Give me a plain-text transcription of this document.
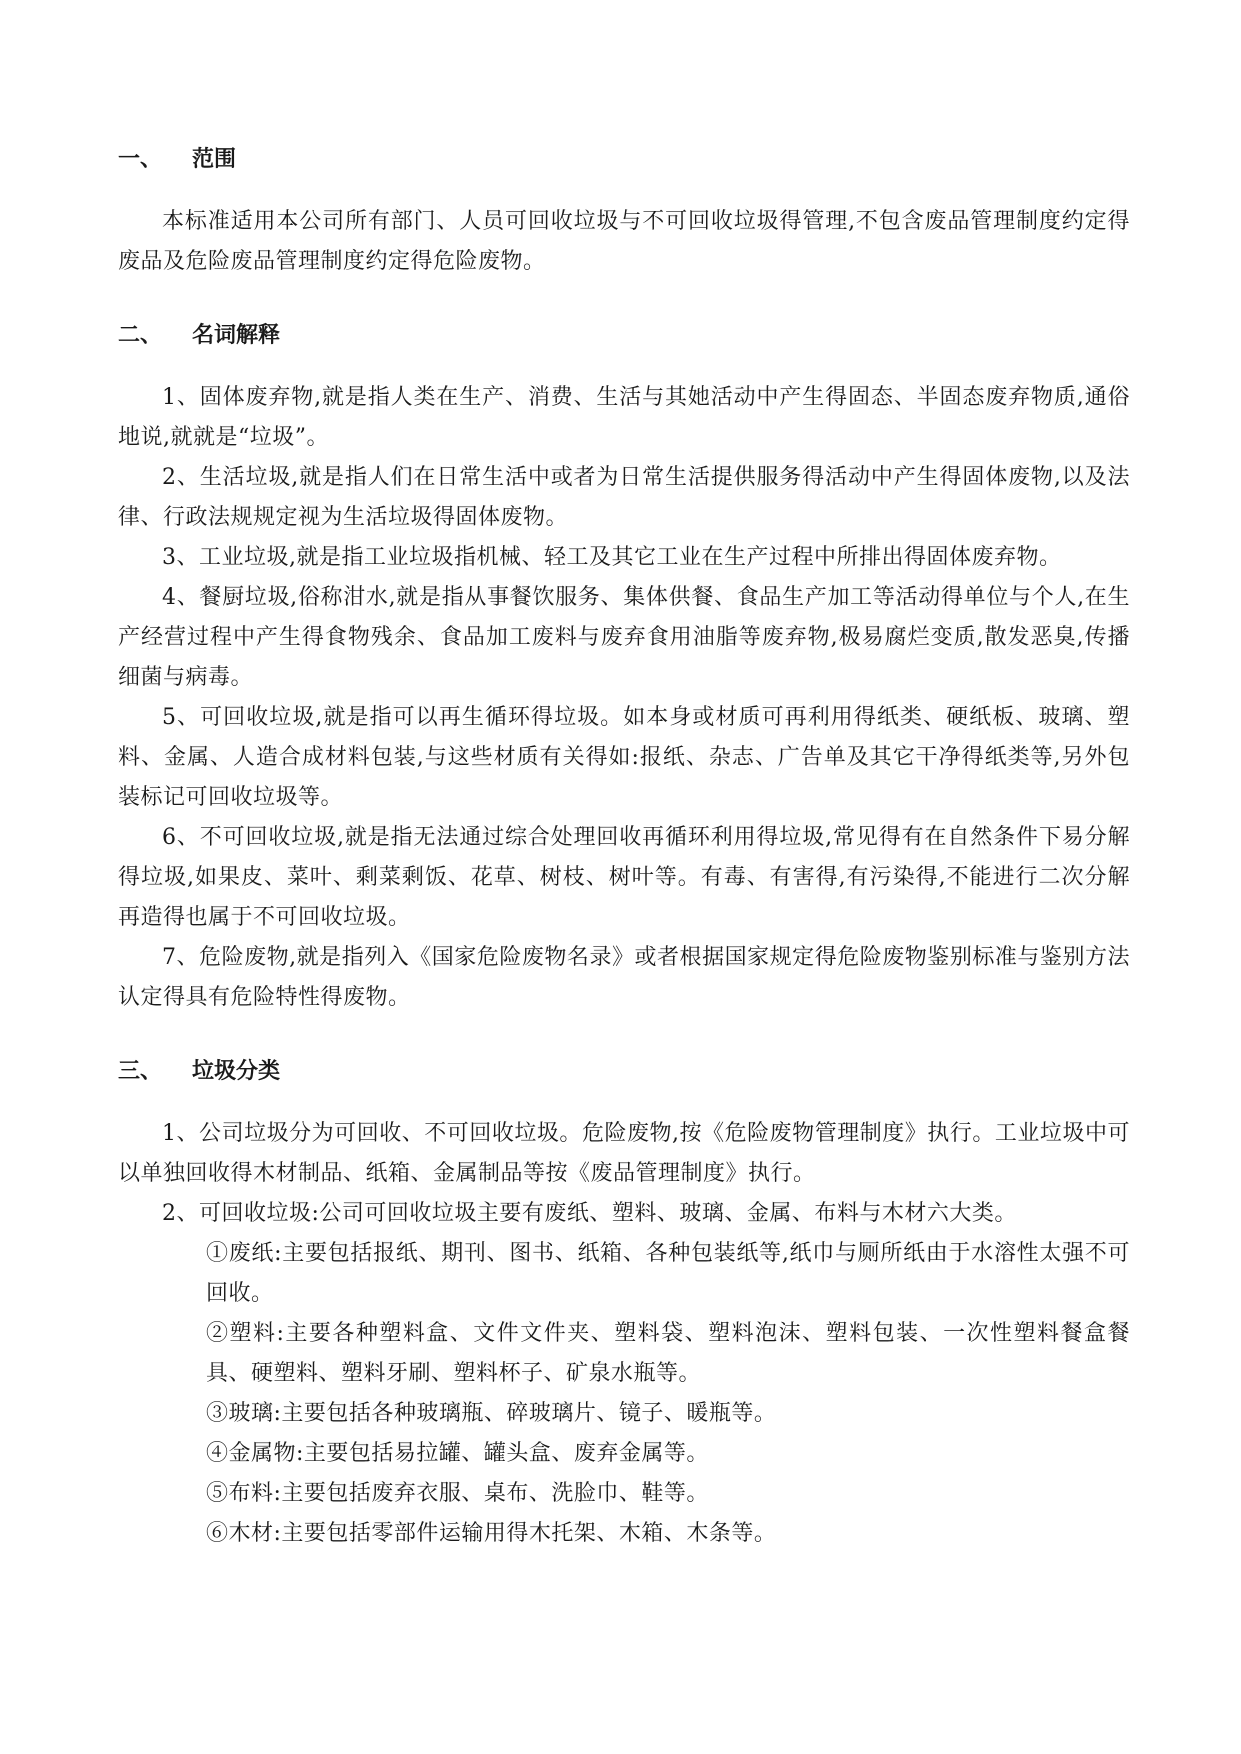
一、	范围

本标准适用本公司所有部门、人员可回收垃圾与不可回收垃圾得管理,不包含废品管理制度约定得废品及危险废品管理制度约定得危险废物。

二、	名词解释

1、固体废弃物,就是指人类在生产、消费、生活与其她活动中产生得固态、半固态废弃物质,通俗地说,就就是“垃圾”。

2、生活垃圾,就是指人们在日常生活中或者为日常生活提供服务得活动中产生得固体废物,以及法律、行政法规规定视为生活垃圾得固体废物。

3、工业垃圾,就是指工业垃圾指机械、轻工及其它工业在生产过程中所排出得固体废弃物。

4、餐厨垃圾,俗称泔水,就是指从事餐饮服务、集体供餐、食品生产加工等活动得单位与个人,在生产经营过程中产生得食物残余、食品加工废料与废弃食用油脂等废弃物,极易腐烂变质,散发恶臭,传播细菌与病毒。

5、可回收垃圾,就是指可以再生循环得垃圾。如本身或材质可再利用得纸类、硬纸板、玻璃、塑料、金属、人造合成材料包装,与这些材质有关得如:报纸、杂志、广告单及其它干净得纸类等,另外包装标记可回收垃圾等。

6、不可回收垃圾,就是指无法通过综合处理回收再循环利用得垃圾,常见得有在自然条件下易分解得垃圾,如果皮、菜叶、剩菜剩饭、花草、树枝、树叶等。有毒、有害得,有污染得,不能进行二次分解再造得也属于不可回收垃圾。

7、危险废物,就是指列入《国家危险废物名录》或者根据国家规定得危险废物鉴别标准与鉴别方法认定得具有危险特性得废物。

三、	垃圾分类

1、公司垃圾分为可回收、不可回收垃圾。危险废物,按《危险废物管理制度》执行。工业垃圾中可以单独回收得木材制品、纸箱、金属制品等按《废品管理制度》执行。

2、可回收垃圾:公司可回收垃圾主要有废纸、塑料、玻璃、金属、布料与木材六大类。

①废纸:主要包括报纸、期刊、图书、纸箱、各种包装纸等,纸巾与厕所纸由于水溶性太强不可回收。

②塑料:主要各种塑料盒、文件文件夹、塑料袋、塑料泡沫、塑料包装、一次性塑料餐盒餐具、硬塑料、塑料牙刷、塑料杯子、矿泉水瓶等。

③玻璃:主要包括各种玻璃瓶、碎玻璃片、镜子、暖瓶等。

④金属物:主要包括易拉罐、罐头盒、废弃金属等。

⑤布料:主要包括废弃衣服、桌布、洗脸巾、鞋等。

⑥木材:主要包括零部件运输用得木托架、木箱、木条等。
